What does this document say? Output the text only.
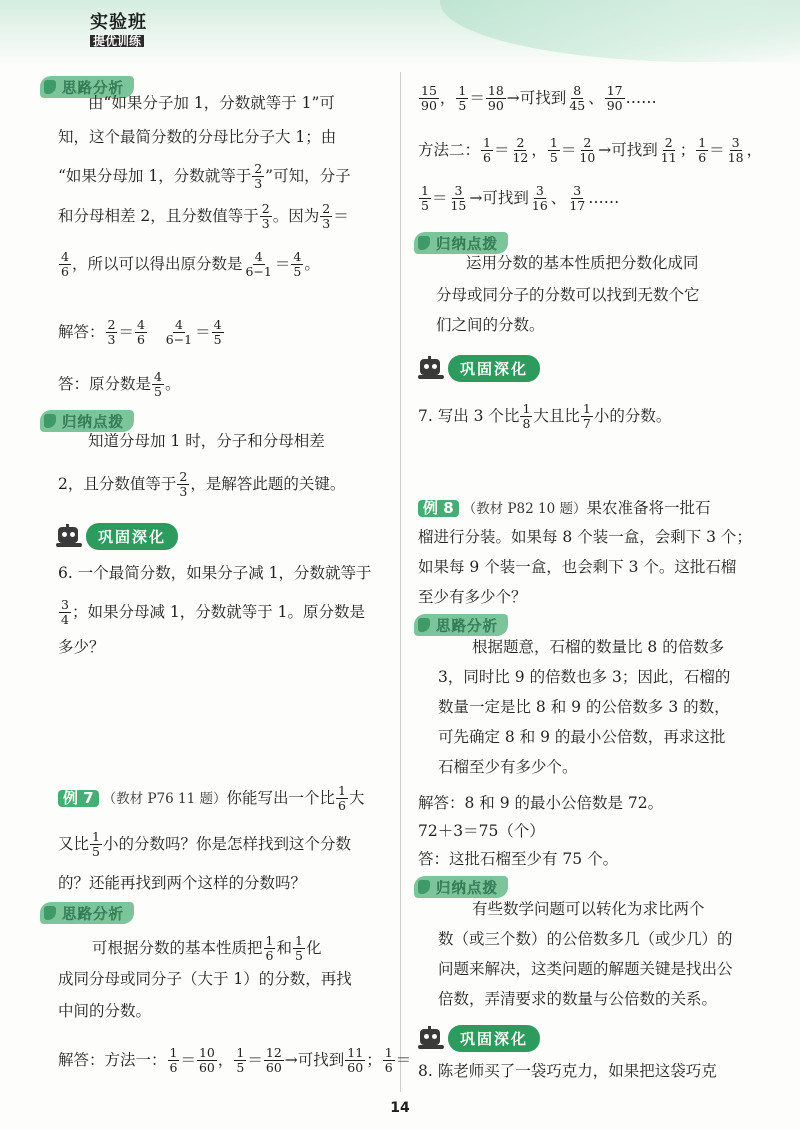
实验班
提优训练
思路分析
由“如果分子加 1，分数就等于 1”可
知，这个最简分数的分母比分子大 1；由
“如果分母加 1，分数就等于 $\frac{2}{3}$ ”可知，分子
和分母相差 2，且分数值等于 $\frac{2}{3}$ 。因为 $\frac{2}{3}$ ＝
$\frac{4}{6}$ ，所以可以得出原分数是 $\frac{4}{6-1} = \frac{4}{5}$ 。
解答： $\frac{2}{3} = \frac{4}{6}$
$\frac{4}{6-1} = \frac{4}{5}$
答：原分数是 $\frac{4}{5}$ 。
归纳点拨
知道分母加 1 时，分子和分母相差
2，且分数值等于 $\frac{2}{3}$ ，是解答此题的关键。
巩固深化
6. 一个最简分数，如果分子减 1，分数就等于
$\frac{3}{4}$ ；如果分母减 1，分数就等于 1。原分数是
多少？
例 7 （教材 P76 11 题）你能写出一个比 $\frac{1}{6}$ 大
又比 $\frac{1}{5}$ 小的分数吗？你是怎样找到这个分数
的？还能再找到两个这样的分数吗？
思路分析
可根据分数的基本性质把 $\frac{1}{6}$ 和 $\frac{1}{5}$ 化
成同分母或同分子（大于 1）的分数，再找
中间的分数。
解答：方法一： $\frac{1}{6} = \frac{10}{60}$ ， $\frac{1}{5} = \frac{12}{60}$ →可找到 $\frac{11}{60}$ ； $\frac{1}{6}$ ＝
$\frac{15}{90}$ ， $\frac{1}{5} = \frac{18}{90}$ →可找到 $\frac{8}{45}$ 、 $\frac{17}{90}$ ……
方法二： $\frac{1}{6} = \frac{2}{12}$ ， $\frac{1}{5} = \frac{2}{10}$ →可找到 $\frac{2}{11}$ ； $\frac{1}{6} = \frac{3}{18}$ ，
$\frac{1}{5} = \frac{3}{15}$ →可找到 $\frac{3}{16}$ 、 $\frac{3}{17}$ ……
归纳点拨
运用分数的基本性质把分数化成同
分母或同分子的分数可以找到无数个它
们之间的分数。
巩固深化
7. 写出 3 个比 $\frac{1}{8}$ 大且比 $\frac{1}{7}$ 小的分数。
例 8 （教材 P82 10 题）果农准备将一批石
榴进行分装。如果每 8 个装一盒，会剩下 3 个；
如果每 9 个装一盒，也会剩下 3 个。这批石榴
至少有多少个？
思路分析
根据题意，石榴的数量比 8 的倍数多
3，同时比 9 的倍数也多 3；因此，石榴的
数量一定是比 8 和 9 的公倍数多 3 的数，
可先确定 8 和 9 的最小公倍数，再求这批
石榴至少有多少个。
解答：8 和 9 的最小公倍数是 72。
72＋3＝75（个）
答：这批石榴至少有 75 个。
归纳点拨
有些数学问题可以转化为求比两个
数（或三个数）的公倍数多几（或少几）的
问题来解决，这类问题的解题关键是找出公
倍数，弄清要求的数量与公倍数的关系。
巩固深化
8. 陈老师买了一袋巧克力，如果把这袋巧克
14
